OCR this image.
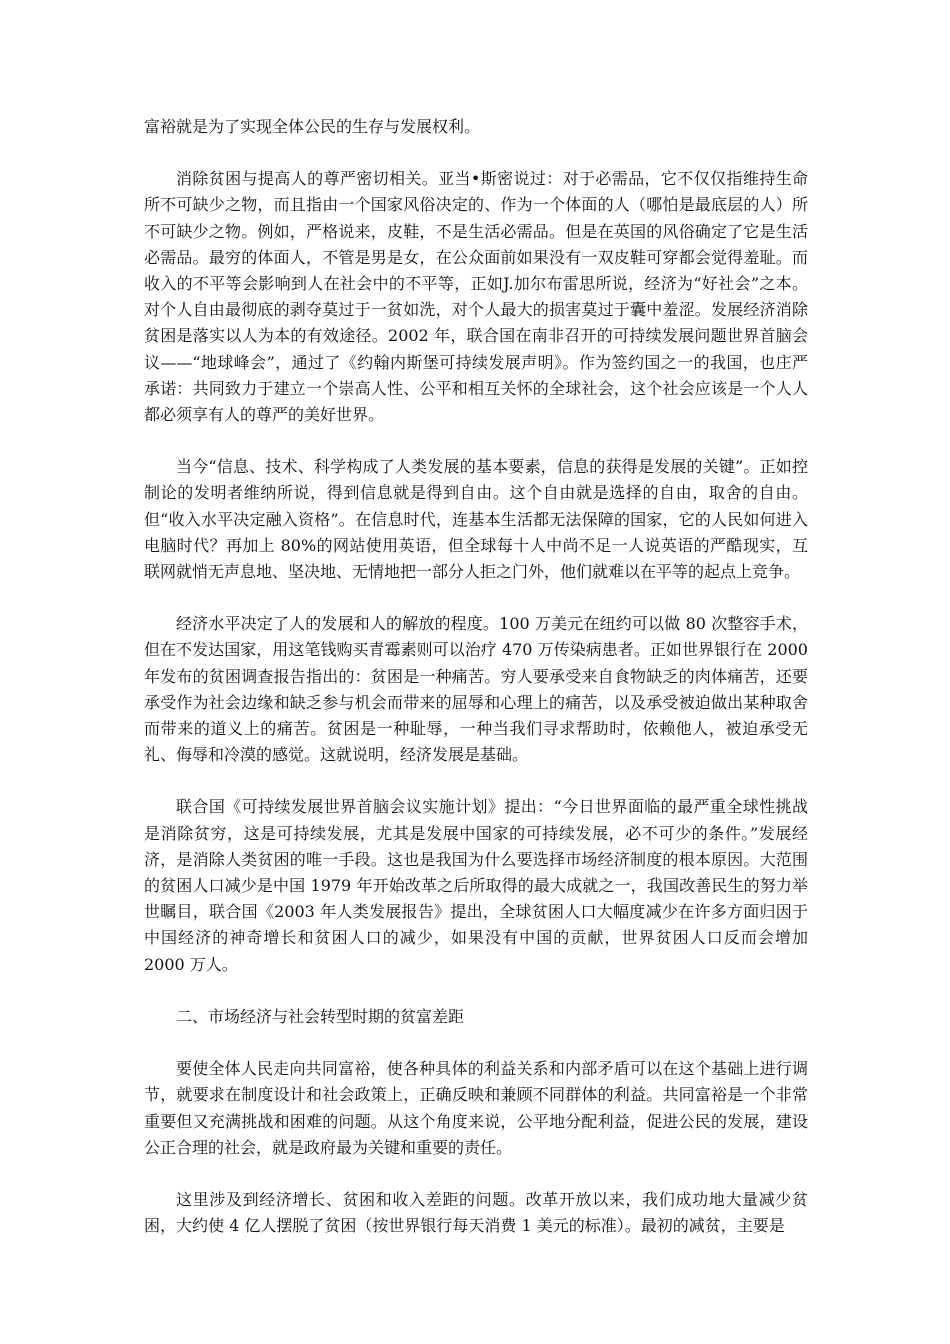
富裕就是为了实现全体公民的生存与发展权利。

消除贫困与提高人的尊严密切相关。亚当•斯密说过：对于必需品，它不仅仅指维持生命所不可缺少之物，而且指由一个国家风俗决定的、作为一个体面的人（哪怕是最底层的人）所不可缺少之物。例如，严格说来，皮鞋，不是生活必需品。但是在英国的风俗确定了它是生活必需品。最穷的体面人，不管是男是女，在公众面前如果没有一双皮鞋可穿都会觉得羞耻。而收入的不平等会影响到人在社会中的不平等，正如J.加尔布雷思所说，经济为“好社会”之本。对个人自由最彻底的剥夺莫过于一贫如洗，对个人最大的损害莫过于囊中羞涩。发展经济消除贫困是落实以人为本的有效途径。2002 年，联合国在南非召开的可持续发展问题世界首脑会议——“地球峰会”，通过了《约翰内斯堡可持续发展声明》。作为签约国之一的我国，也庄严承诺：共同致力于建立一个崇高人性、公平和相互关怀的全球社会，这个社会应该是一个人人都必须享有人的尊严的美好世界。

当今“信息、技术、科学构成了人类发展的基本要素，信息的获得是发展的关键”。正如控制论的发明者维纳所说，得到信息就是得到自由。这个自由就是选择的自由，取舍的自由。但“收入水平决定融入资格”。在信息时代，连基本生活都无法保障的国家，它的人民如何进入电脑时代？再加上 80%的网站使用英语，但全球每十人中尚不足一人说英语的严酷现实，互联网就悄无声息地、坚决地、无情地把一部分人拒之门外，他们就难以在平等的起点上竞争。

经济水平决定了人的发展和人的解放的程度。100 万美元在纽约可以做 80 次整容手术，但在不发达国家，用这笔钱购买青霉素则可以治疗 470 万传染病患者。正如世界银行在 2000 年发布的贫困调查报告指出的：贫困是一种痛苦。穷人要承受来自食物缺乏的肉体痛苦，还要承受作为社会边缘和缺乏参与机会而带来的屈辱和心理上的痛苦，以及承受被迫做出某种取舍而带来的道义上的痛苦。贫困是一种耻辱，一种当我们寻求帮助时，依赖他人，被迫承受无礼、侮辱和冷漠的感觉。这就说明，经济发展是基础。

联合国《可持续发展世界首脑会议实施计划》提出：“今日世界面临的最严重全球性挑战是消除贫穷，这是可持续发展，尤其是发展中国家的可持续发展，必不可少的条件。”发展经济，是消除人类贫困的唯一手段。这也是我国为什么要选择市场经济制度的根本原因。大范围的贫困人口减少是中国 1979 年开始改革之后所取得的最大成就之一，我国改善民生的努力举世瞩目，联合国《2003 年人类发展报告》提出，全球贫困人口大幅度减少在许多方面归因于中国经济的神奇增长和贫困人口的减少，如果没有中国的贡献，世界贫困人口反而会增加 2000 万人。

二、市场经济与社会转型时期的贫富差距

要使全体人民走向共同富裕，使各种具体的利益关系和内部矛盾可以在这个基础上进行调节，就要求在制度设计和社会政策上，正确反映和兼顾不同群体的利益。共同富裕是一个非常重要但又充满挑战和困难的问题。从这个角度来说，公平地分配利益，促进公民的发展，建设公正合理的社会，就是政府最为关键和重要的责任。

这里涉及到经济增长、贫困和收入差距的问题。改革开放以来，我们成功地大量减少贫困，大约使 4 亿人摆脱了贫困（按世界银行每天消费 1 美元的标准）。最初的减贫，主要是
